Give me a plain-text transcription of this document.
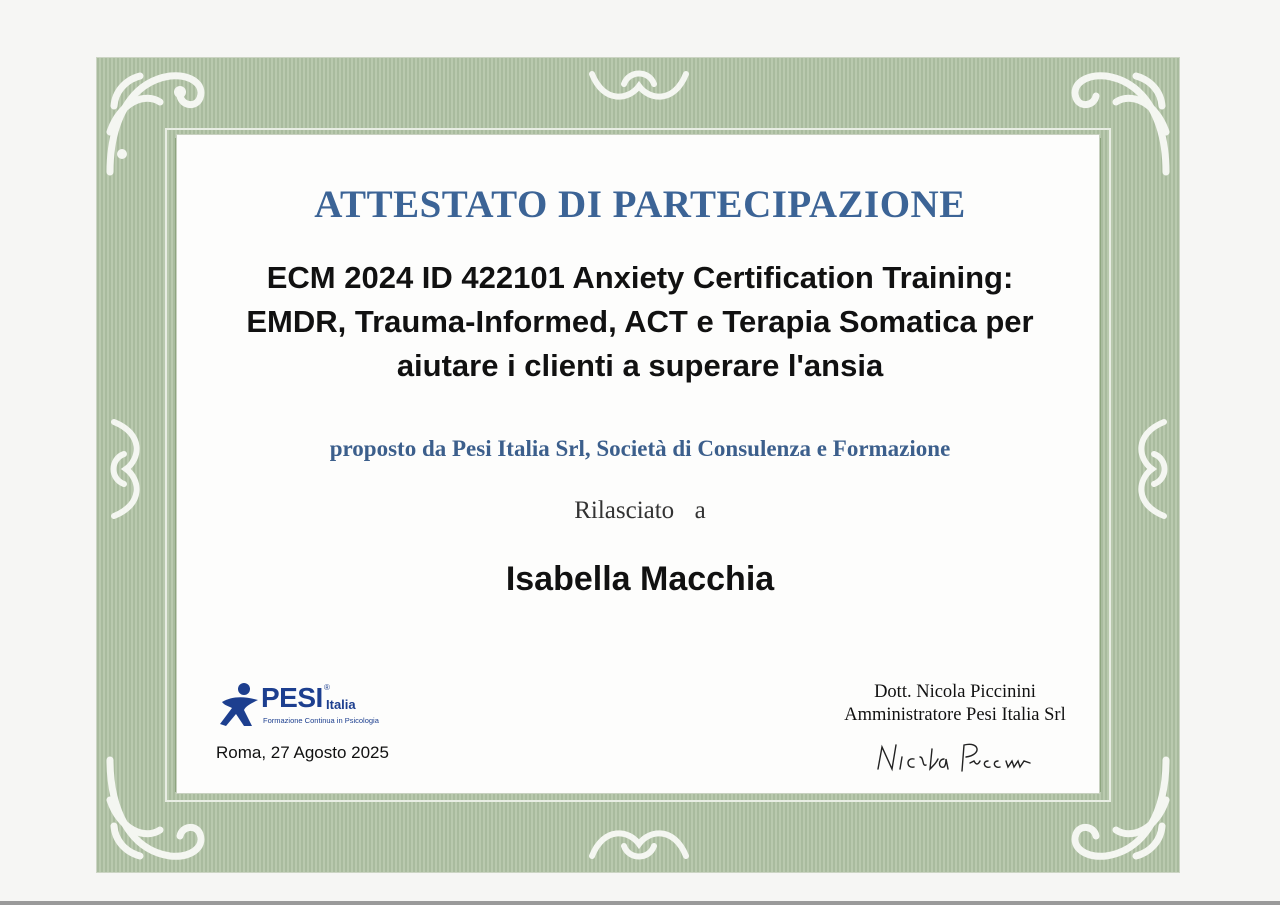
ATTESTATO DI PARTECIPAZIONE
ECM 2024 ID 422101 Anxiety Certification Training:
EMDR, Trauma-Informed, ACT e Terapia Somatica per
aiutare i clienti a superare l'ansia
proposto da Pesi Italia Srl, Società di Consulenza e Formazione
Rilasciato  a
Isabella Macchia
PESI ®
Italia
Formazione Continua in Psicologia
Roma, 27 Agosto 2025
Dott. Nicola Piccinini
Amministratore Pesi Italia Srl
